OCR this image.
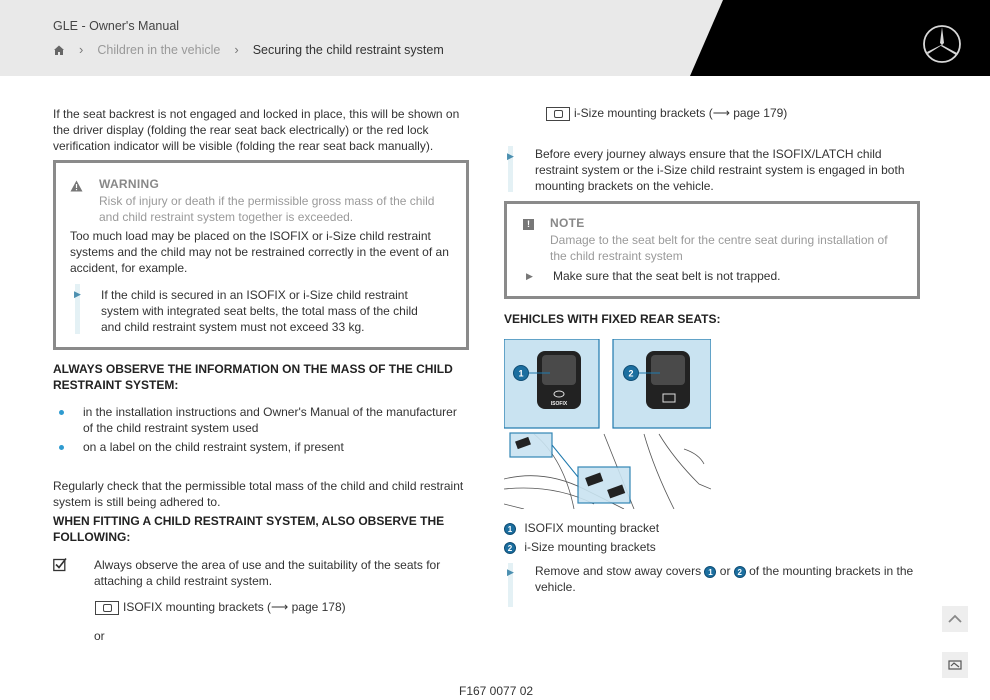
GLE - Owner's Manual
› Children in the vehicle › Securing the child restraint system

If the seat backrest is not engaged and locked in place, this will be shown on the driver display (folding the rear seat back electrically) or the red lock verification indicator will be visible (folding the rear seat back manually).

WARNING

Risk of injury or death if the permissible gross mass of the child and child restraint system together is exceeded.

Too much load may be placed on the ISOFIX or i-Size child restraint systems and the child may not be restrained correctly in the event of an accident, for example.

▶ If the child is secured in an ISOFIX or i-Size child restraint system with integrated seat belts, the total mass of the child and child restraint system must not exceed 33 kg.

ALWAYS OBSERVE THE INFORMATION ON THE MASS OF THE CHILD RESTRAINT SYSTEM:

in the installation instructions and Owner's Manual of the manufacturer of the child restraint system used

on a label on the child restraint system, if present

Regularly check that the permissible total mass of the child and child restraint system is still being adhered to.

WHEN FITTING A CHILD RESTRAINT SYSTEM, ALSO OBSERVE THE FOLLOWING:

Always observe the area of use and the suitability of the seats for attaching a child restraint system.

ISOFIX mounting brackets (⟶ page 178)
or
i-Size mounting brackets (⟶ page 179)
▶ Before every journey always ensure that the ISOFIX/LATCH child restraint system or the i-Size child restraint system is engaged in both mounting brackets on the vehicle.

!	NOTE

Damage to the seat belt for the centre seat during installation of the child restraint system

▶ Make sure that the seat belt is not trapped.

VEHICLES WITH FIXED REAR SEATS:
ISOFIX
1	2
1 ISOFIX mounting bracket
2 i-Size mounting brackets
▶ Remove and stow away covers 1 or 2 of the mounting brackets in the vehicle.
F167 0077 02
